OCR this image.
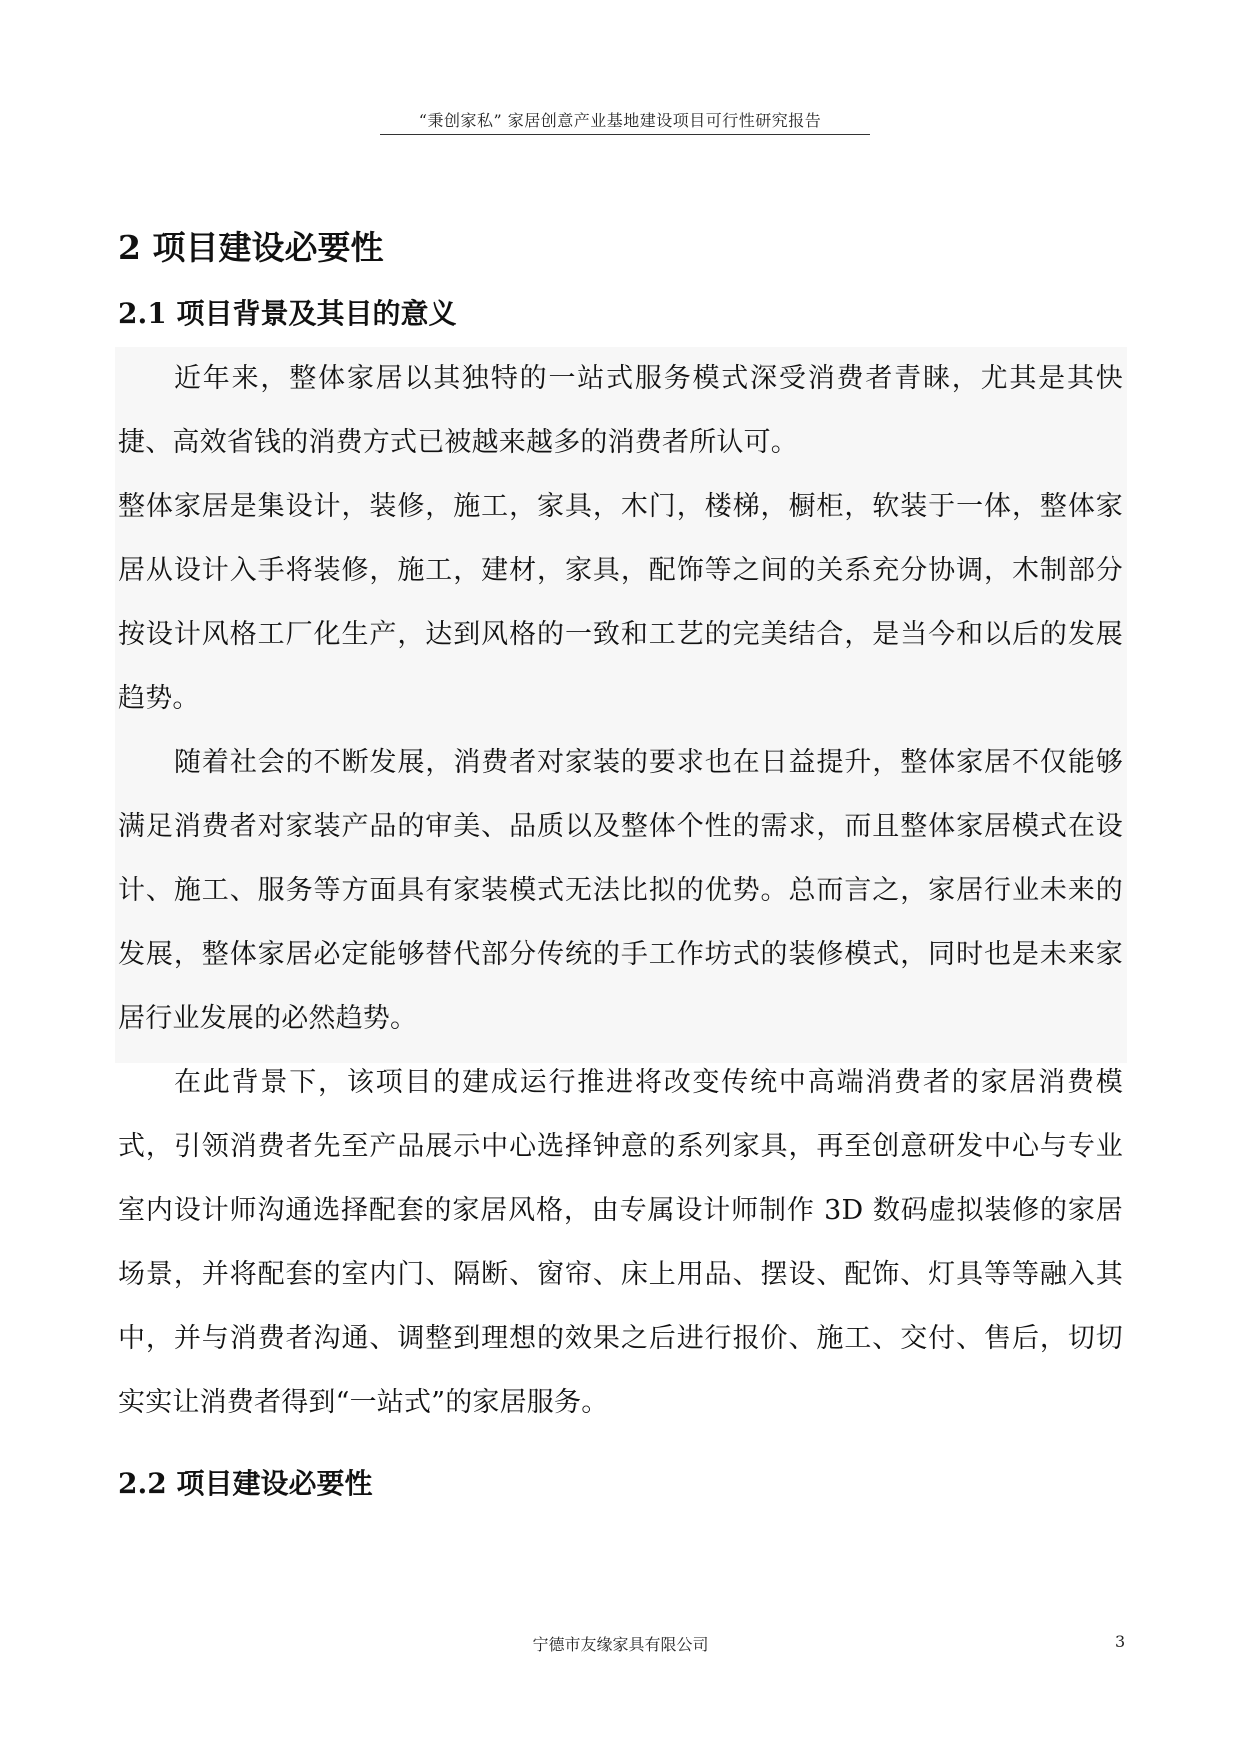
“秉创家私” 家居创意产业基地建设项目可行性研究报告
2 项目建设必要性
2.1 项目背景及其目的意义

近年来，整体家居以其独特的一站式服务模式深受消费者青睐，尤其是其快捷、高效省钱的消费方式已被越来越多的消费者所认可。

整体家居是集设计，装修，施工，家具，木门，楼梯，橱柜，软装于一体，整体家居从设计入手将装修，施工，建材，家具，配饰等之间的关系充分协调，木制部分按设计风格工厂化生产，达到风格的一致和工艺的完美结合，是当今和以后的发展趋势。

随着社会的不断发展，消费者对家装的要求也在日益提升，整体家居不仅能够满足消费者对家装产品的审美、品质以及整体个性的需求，而且整体家居模式在设计、施工、服务等方面具有家装模式无法比拟的优势。总而言之，家居行业未来的发展，整体家居必定能够替代部分传统的手工作坊式的装修模式，同时也是未来家居行业发展的必然趋势。

在此背景下，该项目的建成运行推进将改变传统中高端消费者的家居消费模式，引领消费者先至产品展示中心选择钟意的系列家具，再至创意研发中心与专业室内设计师沟通选择配套的家居风格，由专属设计师制作 3D 数码虚拟装修的家居场景，并将配套的室内门、隔断、窗帘、床上用品、摆设、配饰、灯具等等融入其中，并与消费者沟通、调整到理想的效果之后进行报价、施工、交付、售后，切切实实让消费者得到“一站式”的家居服务。

2.2 项目建设必要性
宁德市友缘家具有限公司	3
